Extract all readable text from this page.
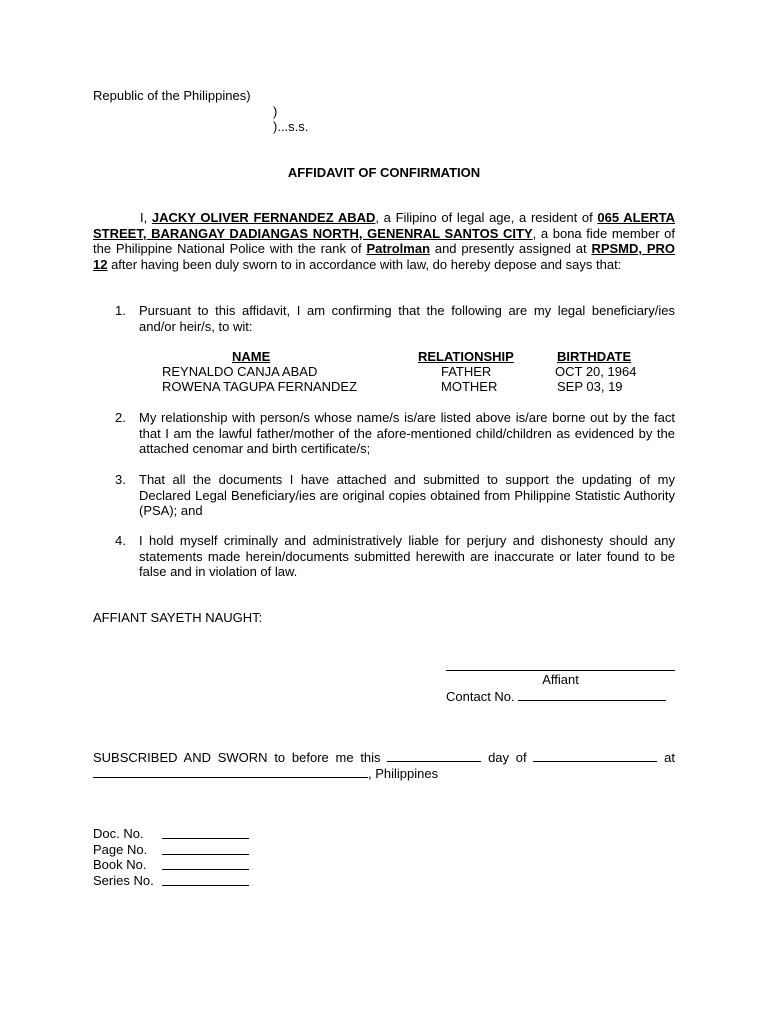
Republic of the Philippines)
)
)...s.s.
AFFIDAVIT OF CONFIRMATION
I, JACKY OLIVER FERNANDEZ ABAD, a Filipino of legal age, a resident of 065 ALERTA STREET, BARANGAY DADIANGAS NORTH, GENENRAL SANTOS CITY, a bona fide member of the Philippine National Police with the rank of Patrolman and presently assigned at RPSMD, PRO 12 after having been duly sworn to in accordance with law, do hereby depose and says that:
1. Pursuant to this affidavit, I am confirming that the following are my legal beneficiary/ies and/or heir/s, to wit:
NAME	RELATIONSHIP	BIRTHDATE
REYNALDO CANJA ABAD	FATHER	OCT 20, 1964
ROWENA TAGUPA FERNANDEZ	MOTHER	SEP 03, 19
2. My relationship with person/s whose name/s is/are listed above is/are borne out by the fact that I am the lawful father/mother of the afore-mentioned child/children as evidenced by the attached cenomar and birth certificate/s;
3. That all the documents I have attached and submitted to support the updating of my Declared Legal Beneficiary/ies are original copies obtained from Philippine Statistic Authority (PSA); and
4. I hold myself criminally and administratively liable for perjury and dishonesty should any statements made herein/documents submitted herewith are inaccurate or later found to be false and in violation of law.
AFFIANT SAYETH NAUGHT:
Affiant
Contact No.
SUBSCRIBED AND SWORN to before me this	day of	at
, Philippines
Doc. No.
Page No.
Book No.
Series No.
